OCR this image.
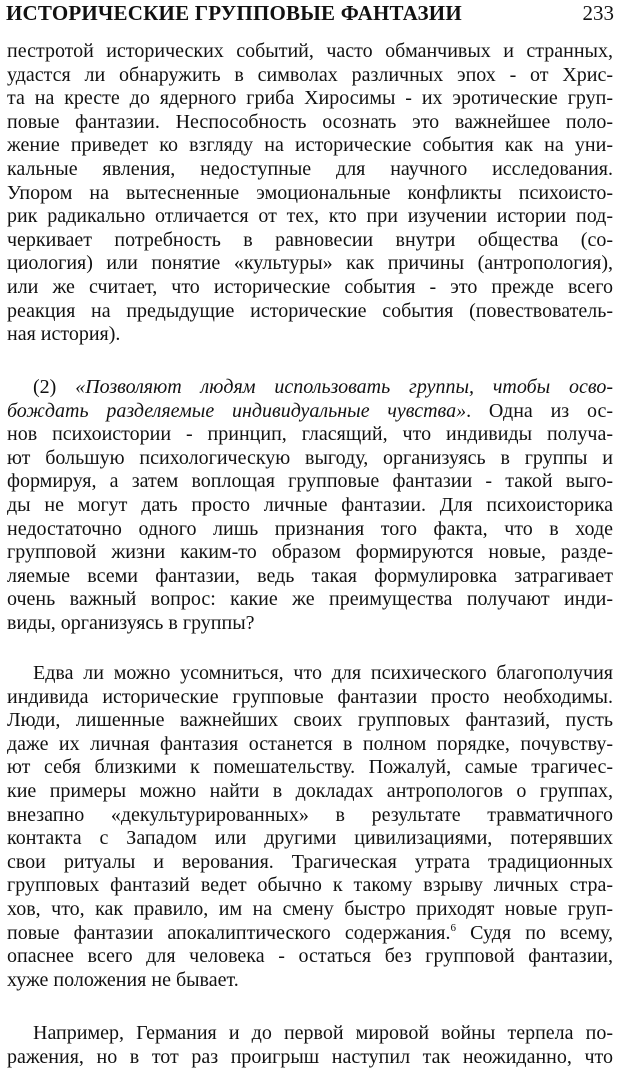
ИСТОРИЧЕСКИЕ ГРУППОВЫЕ ФАНТАЗИИ	233
пестротой исторических событий, часто обманчивых и странных,
удастся ли обнаружить в символах различных эпох - от Хрис-
та на кресте до ядерного гриба Хиросимы - их эротические груп-
повые фантазии. Неспособность осознать это важнейшее поло-
жение приведет ко взгляду на исторические события как на уни-
кальные явления, недоступные для научного исследования.
Упором на вытесненные эмоциональные конфликты психоисто-
рик радикально отличается от тех, кто при изучении истории под-
черкивает потребность в равновесии внутри общества (со-
циология) или понятие «культуры» как причины (антропология),
или же считает, что исторические события - это прежде всего
реакция на предыдущие исторические события (повествователь-
ная история).
(2) «Позволяют людям использовать группы, чтобы осво-
бождать разделяемые индивидуальные чувства». Одна из ос-
нов психоистории - принцип, гласящий, что индивиды получа-
ют большую психологическую выгоду, организуясь в группы и
формируя, а затем воплощая групповые фантазии - такой выго-
ды не могут дать просто личные фантазии. Для психоисторика
недостаточно одного лишь признания того факта, что в ходе
групповой жизни каким-то образом формируются новые, разде-
ляемые всеми фантазии, ведь такая формулировка затрагивает
очень важный вопрос: какие же преимущества получают инди-
виды, организуясь в группы?
Едва ли можно усомниться, что для психического благополучия
индивида исторические групповые фантазии просто необходимы.
Люди, лишенные важнейших своих групповых фантазий, пусть
даже их личная фантазия останется в полном порядке, почувству-
ют себя близкими к помешательству. Пожалуй, самые трагичес-
кие примеры можно найти в докладах антропологов о группах,
внезапно «декультурированных» в результате травматичного
контакта с Западом или другими цивилизациями, потерявших
свои ритуалы и верования. Трагическая утрата традиционных
групповых фантазий ведет обычно к такому взрыву личных стра-
хов, что, как правило, им на смену быстро приходят новые груп-
повые фантазии апокалиптического содержания.$^6$ Судя по всему,
опаснее всего для человека - остаться без групповой фантазии,
хуже положения не бывает.
Например, Германия и до первой мировой войны терпела по-
ражения, но в тот раз проигрыш наступил так неожиданно, что
